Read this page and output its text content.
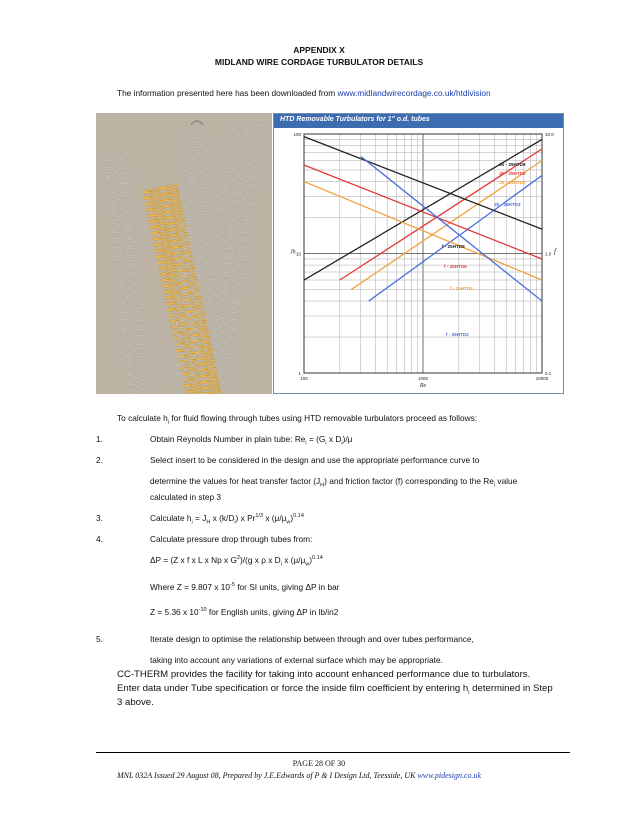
APPENDIX X
MIDLAND WIRE CORDAGE TURBULATOR DETAILS
The information presented here has been downloaded from www.midlandwirecordage.co.uk/htdivision
HTD Removable Turbulators for 1" o.d. tubes
Jh - 25HTD8
Jh - 25HTD6
Jh - 25HTD4
Jh - 25HTD2
f - 25HTD8
f - 25HTD6
f - 25HTD4
f - 25HTD2
100
10
1
10.0
1.0
0.1
100	1000	10000
Jh	f
Re
To calculate $h_i$ for fluid flowing through tubes using HTD removable turbulators proceed as follows:
1.	Obtain Reynolds Number in plain tube: $Re_i = (G_i$ x $D_i)/\mu$
2.	Select insert to be considered in the design and use the appropriate performance curve to
determine the values for heat transfer factor $(J_H)$ and friction factor (f) corresponding to the $Re_i$ value
calculated in step 3
3.	Calculate $h_i = J_H$ x $(k/D_i)$ x $Pr^{1/3}$ x $(\mu/\mu_w)^{0.14}$
4.	Calculate pressure drop through tubes from:
ΔP = (Z x f x L x Np x $G^2)/(g$ x ρ x $D_i$ x $(\mu/\mu_w)^{0.14}$
Where Z = 9.807 x $10^{-5}$ for SI units, giving ΔP in bar
Z = 5.36 x $10^{-10}$ for English units, giving ΔP in lb/in2
5.	Iterate design to optimise the relationship between through and over tubes performance,
taking into account any variations of external surface which may be appropriate.
CC-THERM provides the facility for taking into account enhanced performance due to turbulators.
Enter data under Tube specification or force the inside film coefficient by entering $h_i$ determined in Step
3 above.
PAGE 28 OF 30
MNL 032A Issued 29 August 08, Prepared by J.E.Edwards of P & I Design Ltd, Teesside, UK www.pidesign.co.uk
